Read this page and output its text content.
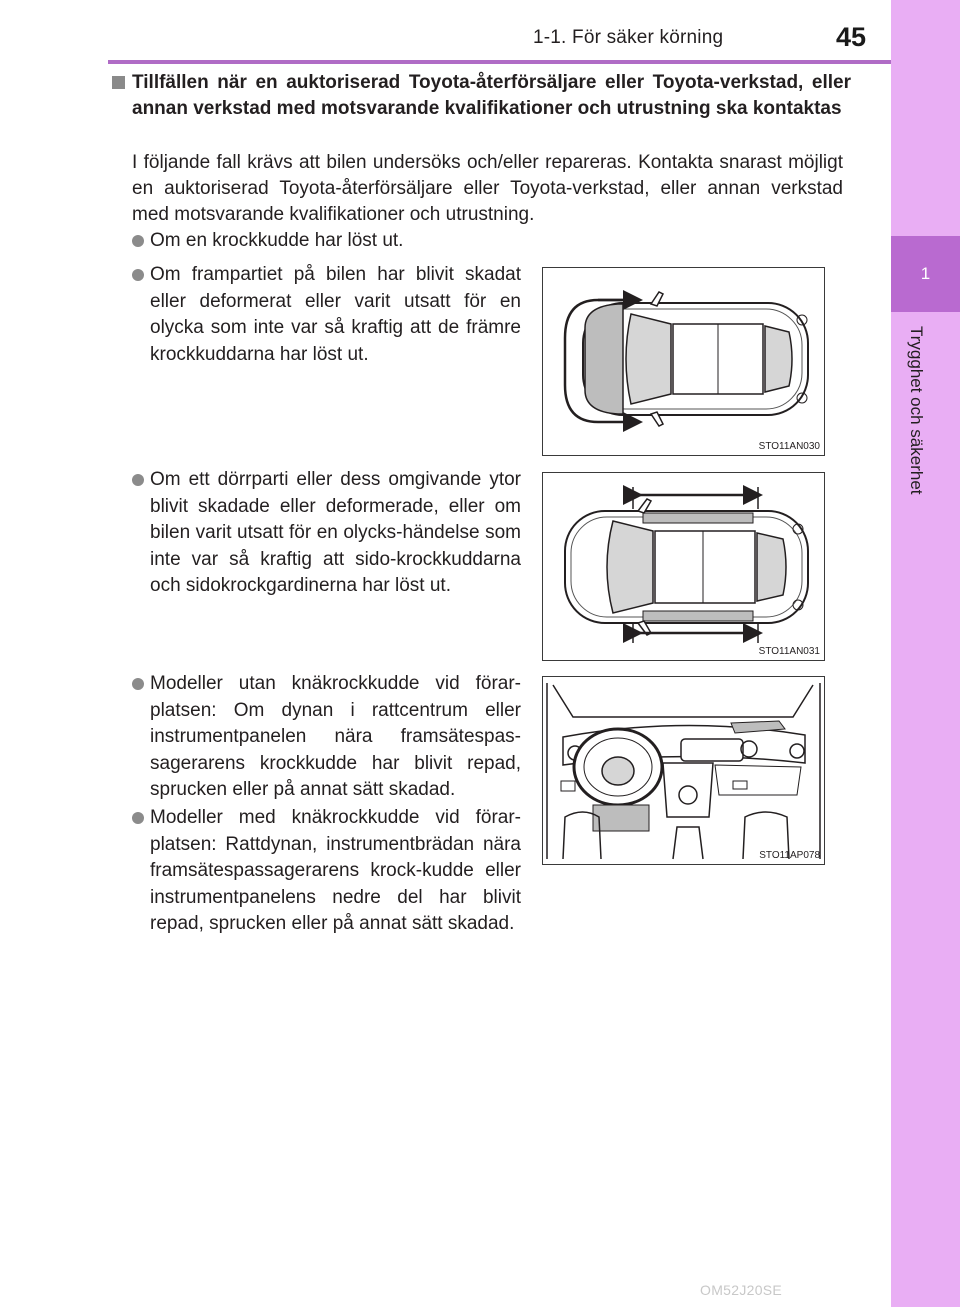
1-1. För säker körning	45
1
Trygghet och säkerhet
Tillfällen när en auktoriserad Toyota-återförsäljare eller Toyota-verkstad, eller annan verkstad med motsvarande kvalifikationer och utrustning ska kontaktas
I följande fall krävs att bilen undersöks och/eller repareras. Kontakta snarast möjligt en auktoriserad Toyota-återförsäljare eller Toyota-verkstad, eller annan verkstad med motsvarande kvalifikationer och utrustning.
Om en krockkudde har löst ut.
Om frampartiet på bilen har blivit skadat eller deformerat eller varit utsatt för en olycka som inte var så kraftig att de främre krockkuddarna har löst ut.
STO11AN030
Om ett dörrparti eller dess omgivande ytor blivit skadade eller deformerade, eller om bilen varit utsatt för en olycks-händelse som inte var så kraftig att sido-krockkuddarna och sidokrockgardinerna har löst ut.
STO11AN031
Modeller utan knäkrockkudde vid förar-platsen: Om dynan i rattcentrum eller instrumentpanelen nära framsätespas-sagerarens krockkudde har blivit repad, sprucken eller på annat sätt skadad.
Modeller med knäkrockkudde vid förar-platsen: Rattdynan, instrumentbrädan nära framsätespassagerarens krock-kudde eller instrumentpanelens nedre del har blivit repad, sprucken eller på annat sätt skadad.
STO11AP078
OM52J20SE
